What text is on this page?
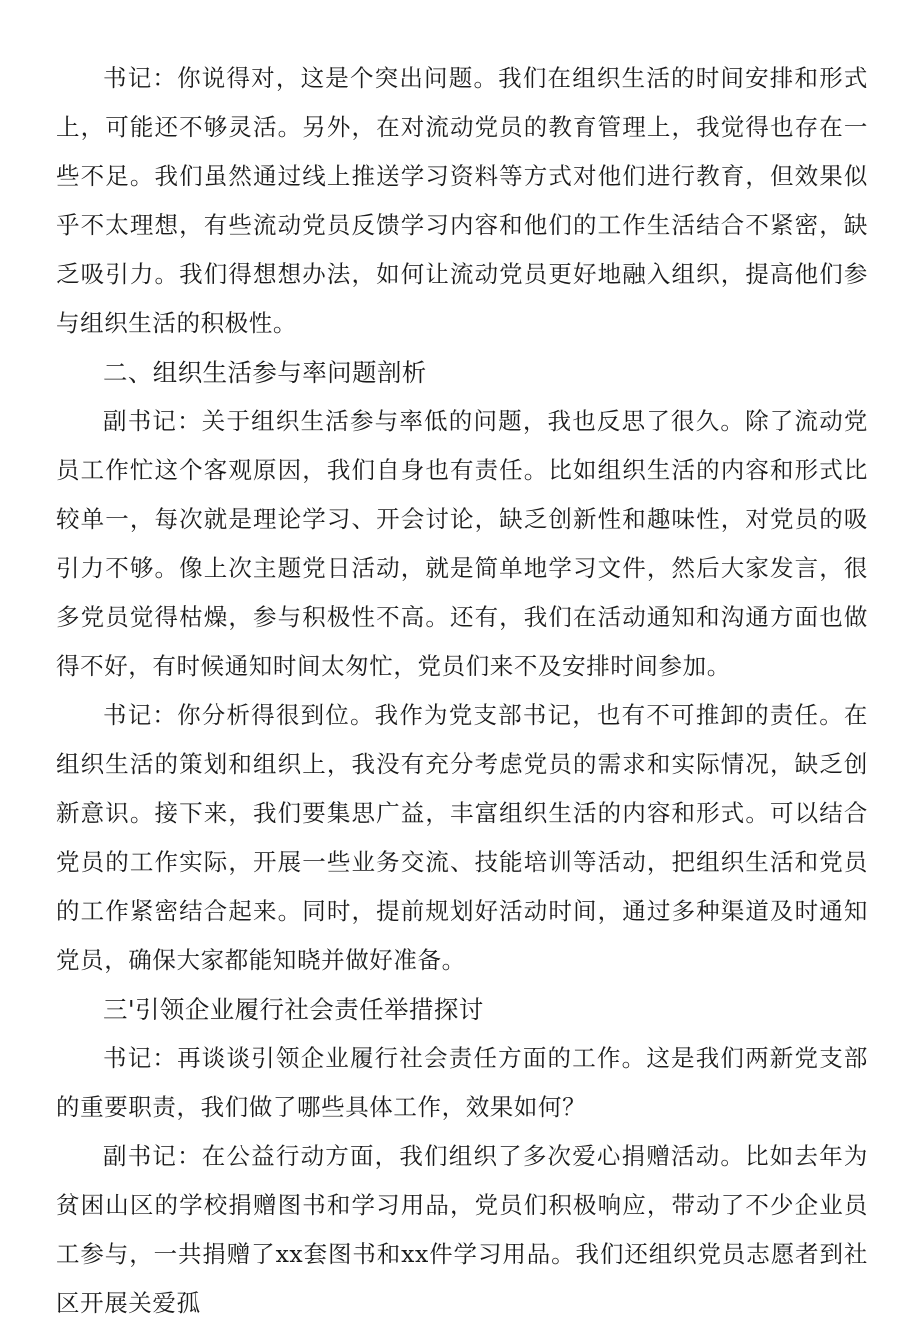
书记：你说得对，这是个突出问题。我们在组织生活的时间安排和形式上，可能还不够灵活。另外，在对流动党员的教育管理上，我觉得也存在一些不足。我们虽然通过线上推送学习资料等方式对他们进行教育，但效果似乎不太理想，有些流动党员反馈学习内容和他们的工作生活结合不紧密，缺乏吸引力。我们得想想办法，如何让流动党员更好地融入组织，提高他们参与组织生活的积极性。

二、组织生活参与率问题剖析

副书记：关于组织生活参与率低的问题，我也反思了很久。除了流动党员工作忙这个客观原因，我们自身也有责任。比如组织生活的内容和形式比较单一，每次就是理论学习、开会讨论，缺乏创新性和趣味性，对党员的吸引力不够。像上次主题党日活动，就是简单地学习文件，然后大家发言，很多党员觉得枯燥，参与积极性不高。还有，我们在活动通知和沟通方面也做得不好，有时候通知时间太匆忙，党员们来不及安排时间参加。

书记：你分析得很到位。我作为党支部书记，也有不可推卸的责任。在组织生活的策划和组织上，我没有充分考虑党员的需求和实际情况，缺乏创新意识。接下来，我们要集思广益，丰富组织生活的内容和形式。可以结合党员的工作实际，开展一些业务交流、技能培训等活动，把组织生活和党员的工作紧密结合起来。同时，提前规划好活动时间，通过多种渠道及时通知党员，确保大家都能知晓并做好准备。

三'引领企业履行社会责任举措探讨

书记：再谈谈引领企业履行社会责任方面的工作。这是我们两新党支部的重要职责，我们做了哪些具体工作，效果如何？

副书记：在公益行动方面，我们组织了多次爱心捐赠活动。比如去年为贫困山区的学校捐赠图书和学习用品，党员们积极响应，带动了不少企业员工参与，一共捐赠了xx套图书和xx件学习用品。我们还组织党员志愿者到社区开展关爱孤
